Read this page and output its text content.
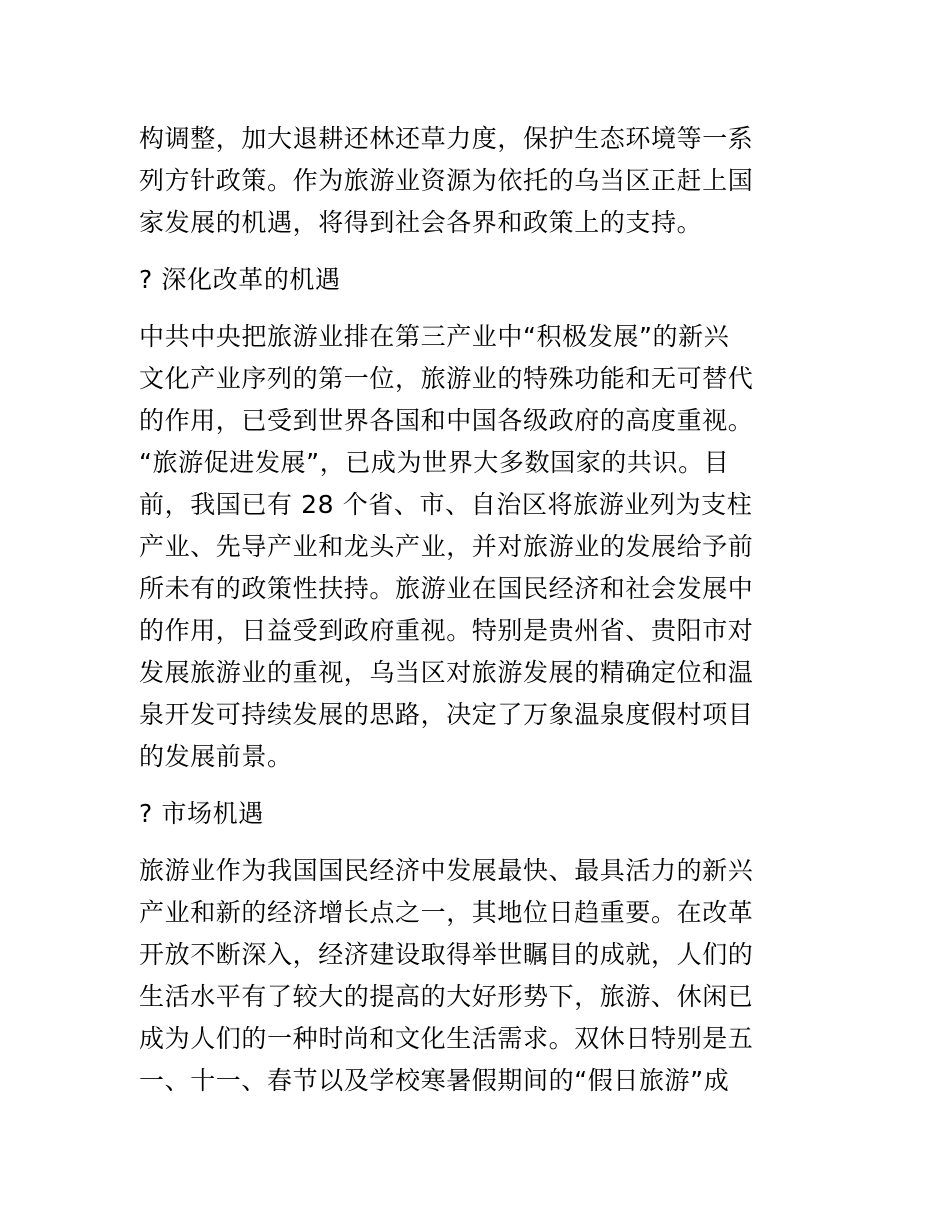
构调整，加大退耕还林还草力度，保护生态环境等一系
列方针政策。作为旅游业资源为依托的乌当区正赶上国
家发展的机遇，将得到社会各界和政策上的支持。
? 深化改革的机遇
中共中央把旅游业排在第三产业中“积极发展”的新兴
文化产业序列的第一位，旅游业的特殊功能和无可替代
的作用，已受到世界各国和中国各级政府的高度重视。
“旅游促进发展”，已成为世界大多数国家的共识。目
前，我国已有 28 个省、市、自治区将旅游业列为支柱
产业、先导产业和龙头产业，并对旅游业的发展给予前
所未有的政策性扶持。旅游业在国民经济和社会发展中
的作用，日益受到政府重视。特别是贵州省、贵阳市对
发展旅游业的重视，乌当区对旅游发展的精确定位和温
泉开发可持续发展的思路，决定了万象温泉度假村项目
的发展前景。
? 市场机遇
旅游业作为我国国民经济中发展最快、最具活力的新兴
产业和新的经济增长点之一，其地位日趋重要。在改革
开放不断深入，经济建设取得举世瞩目的成就，人们的
生活水平有了较大的提高的大好形势下，旅游、休闲已
成为人们的一种时尚和文化生活需求。双休日特别是五
一、十一、春节以及学校寒暑假期间的“假日旅游”成
